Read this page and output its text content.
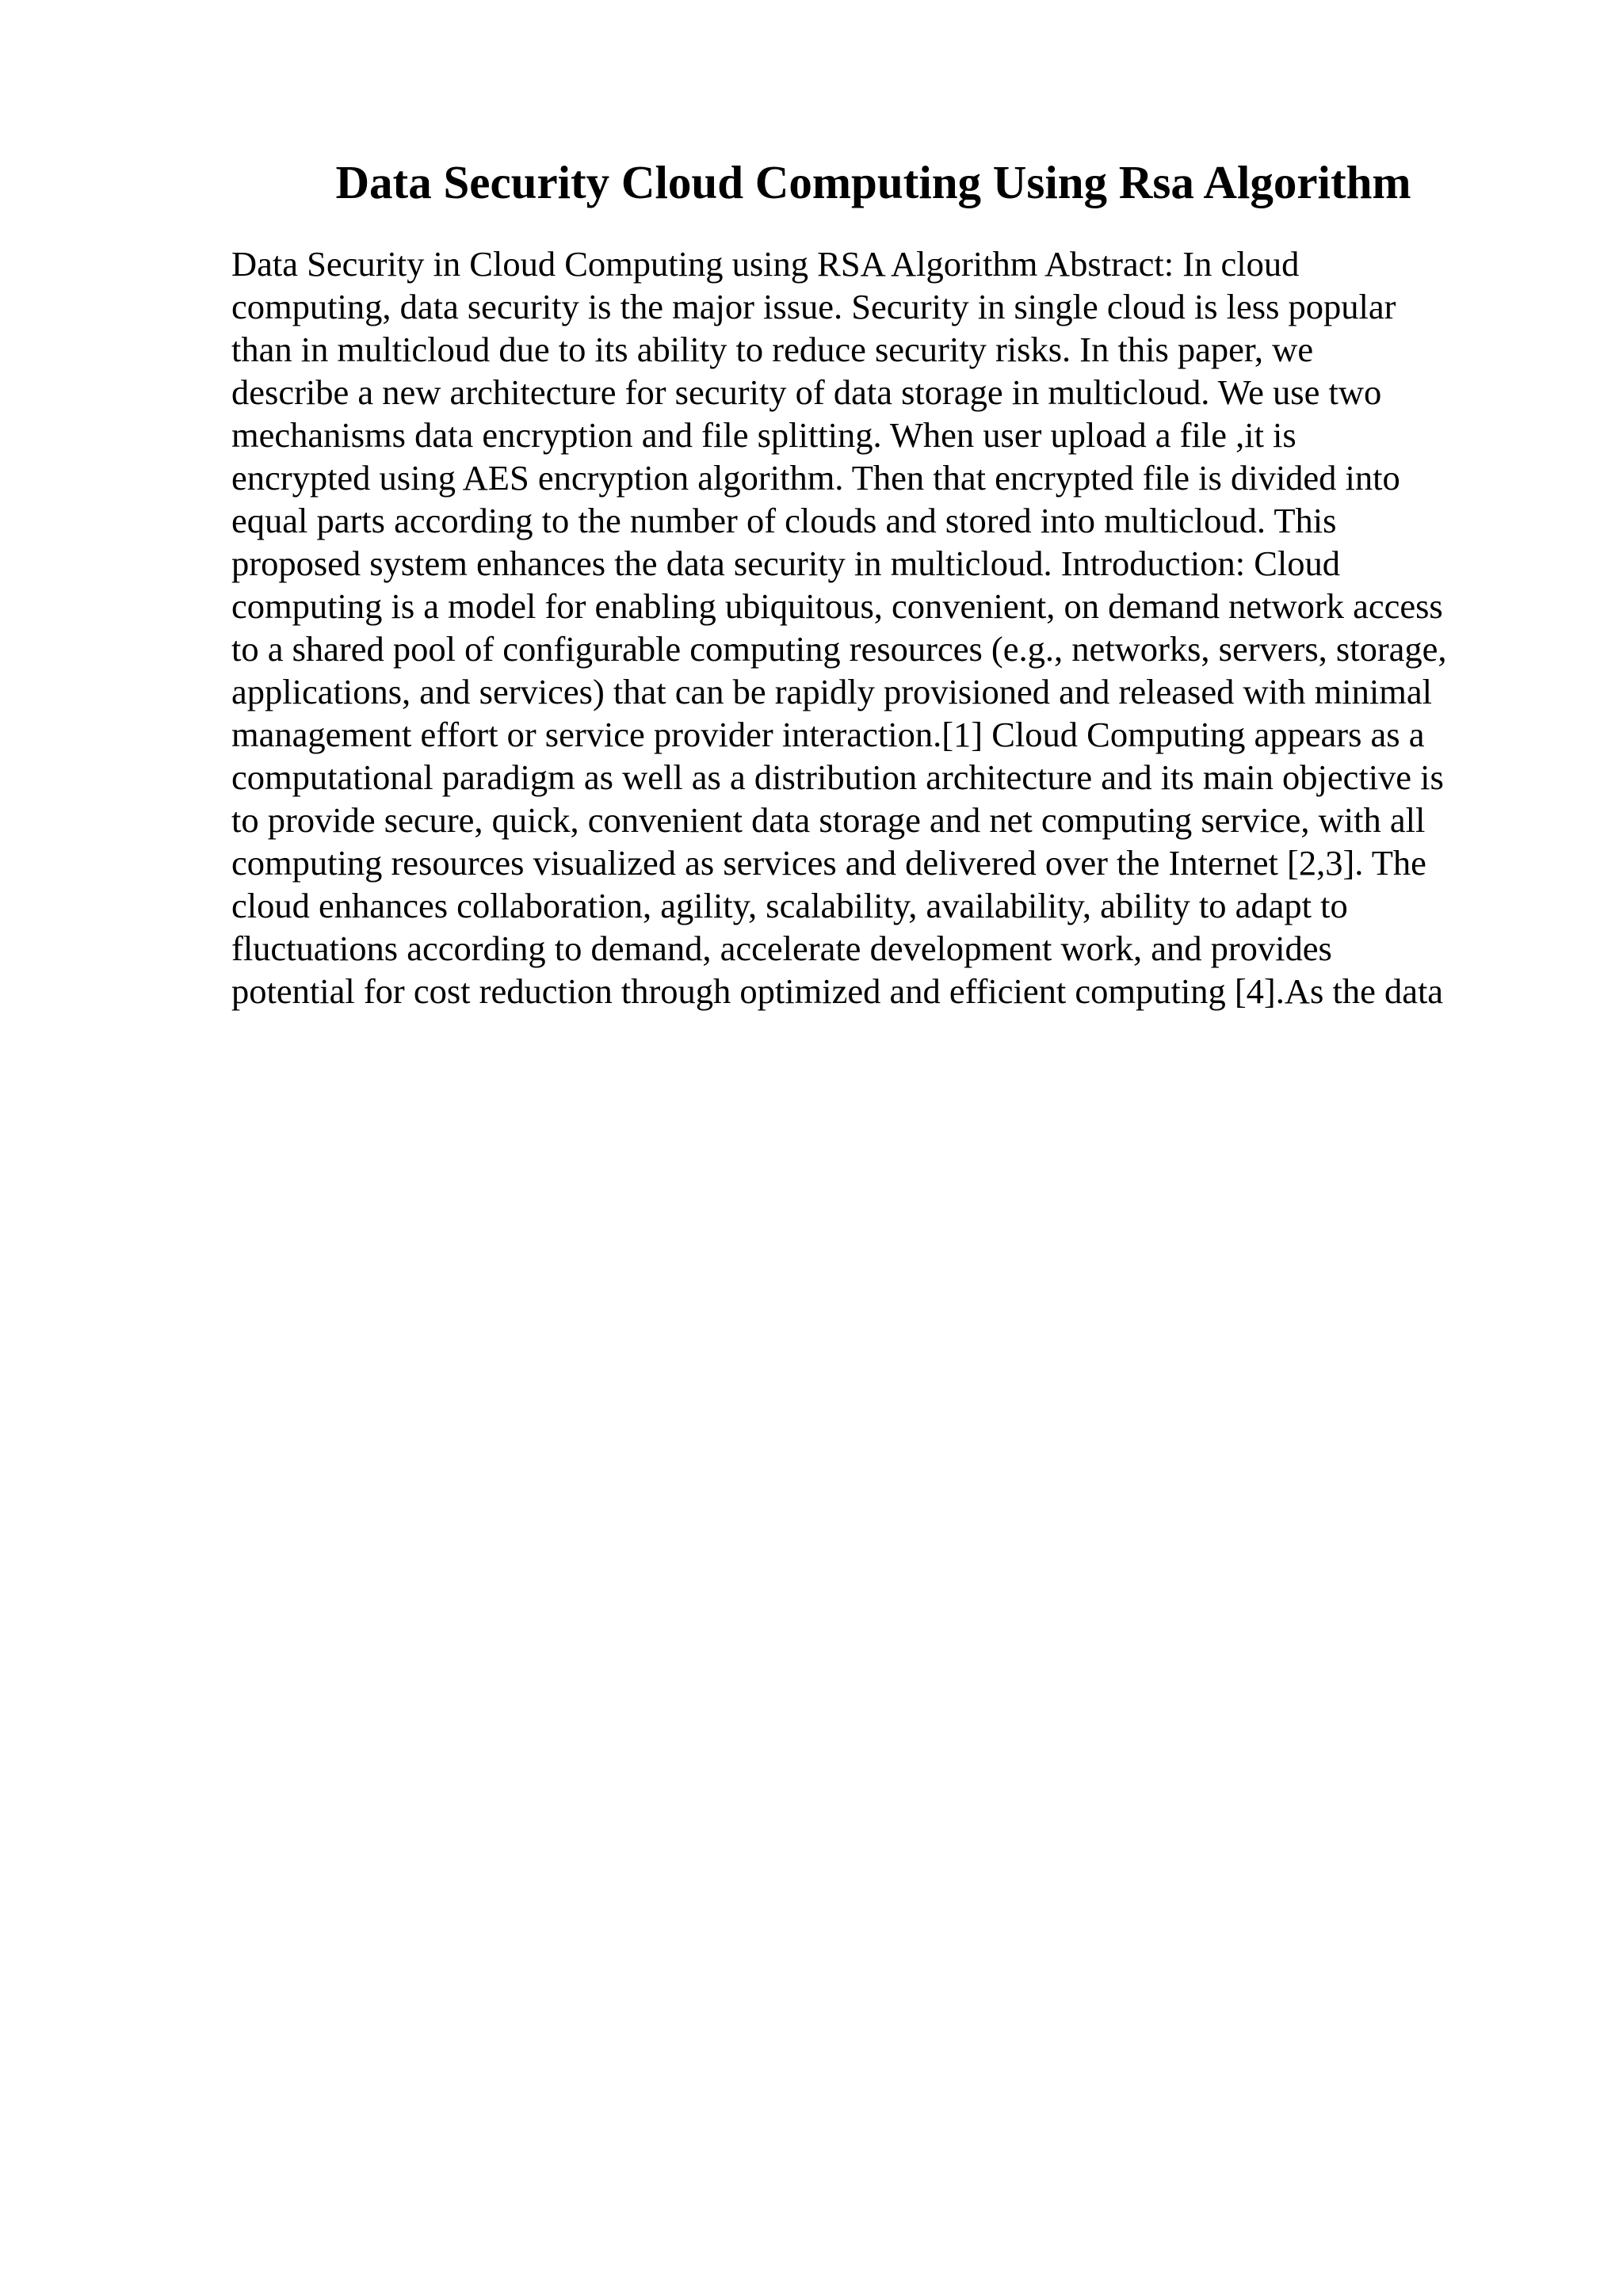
Data Security Cloud Computing Using Rsa Algorithm
Data Security in Cloud Computing using RSA Algorithm Abstract: In cloud
computing, data security is the major issue. Security in single cloud is less popular
than in multicloud due to its ability to reduce security risks. In this paper, we
describe a new architecture for security of data storage in multicloud. We use two
mechanisms data encryption and file splitting. When user upload a file ,it is
encrypted using AES encryption algorithm. Then that encrypted file is divided into
equal parts according to the number of clouds and stored into multicloud. This
proposed system enhances the data security in multicloud. Introduction: Cloud
computing is a model for enabling ubiquitous, convenient, on demand network access
to a shared pool of configurable computing resources (e.g., networks, servers, storage,
applications, and services) that can be rapidly provisioned and released with minimal
management effort or service provider interaction.[1] Cloud Computing appears as a
computational paradigm as well as a distribution architecture and its main objective is
to provide secure, quick, convenient data storage and net computing service, with all
computing resources visualized as services and delivered over the Internet [2,3]. The
cloud enhances collaboration, agility, scalability, availability, ability to adapt to
fluctuations according to demand, accelerate development work, and provides
potential for cost reduction through optimized and efficient computing [4].As the data
